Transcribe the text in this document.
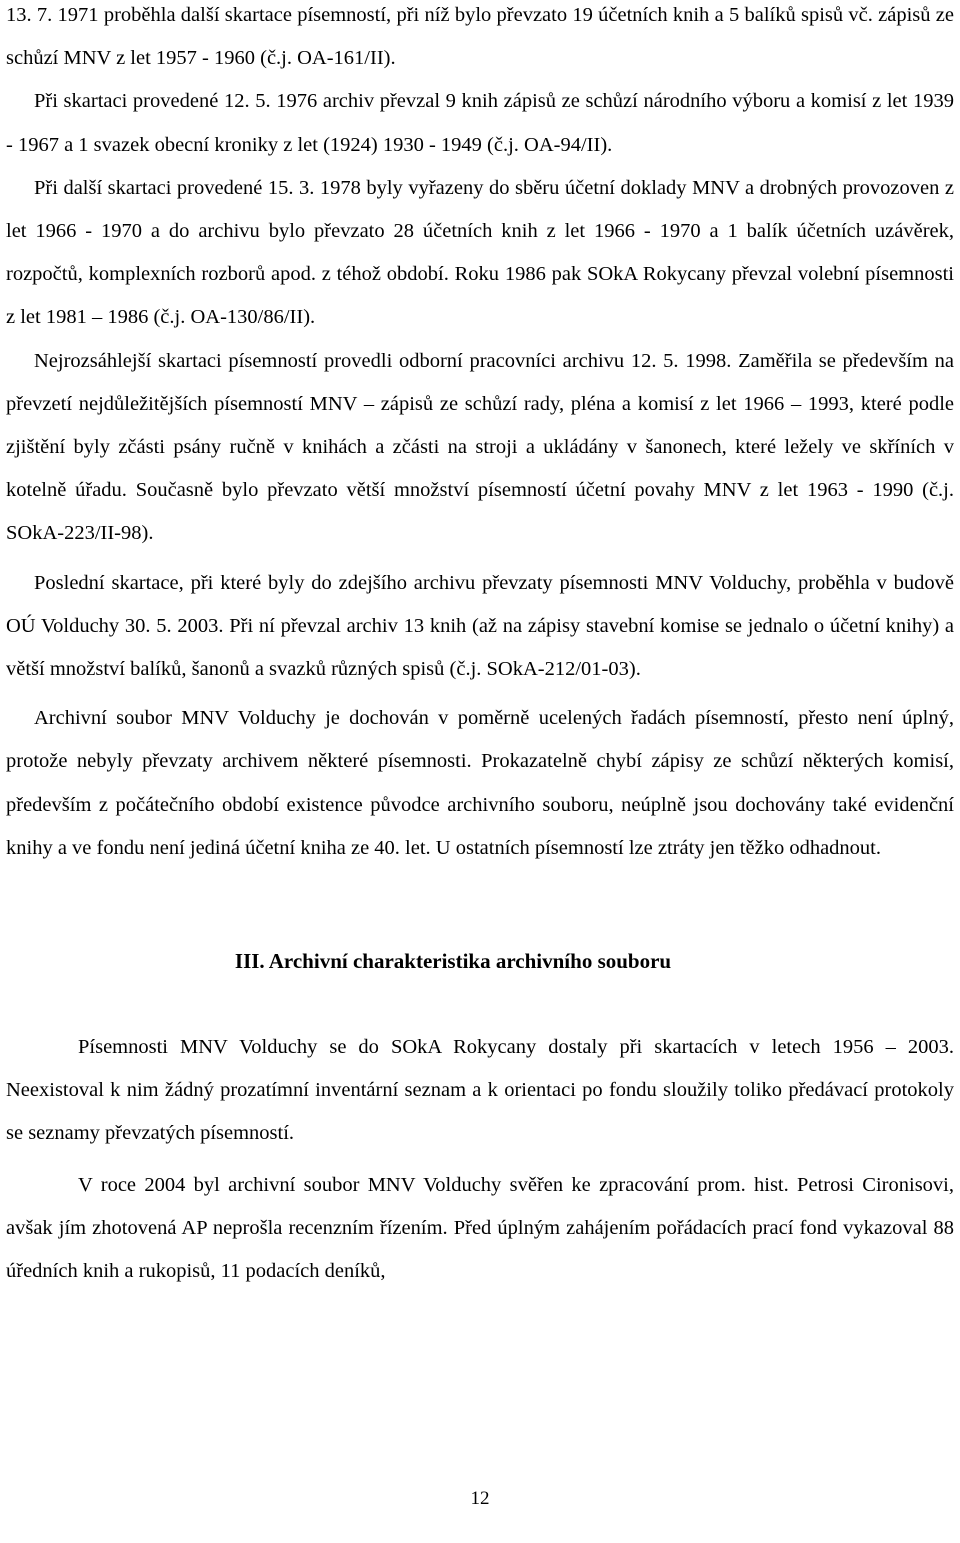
13. 7. 1971 proběhla další skartace písemností, při níž bylo převzato 19 účetních knih a 5 balíků spisů vč. zápisů ze schůzí MNV z let 1957 - 1960 (č.j. OA-161/II).

Při skartaci provedené 12. 5. 1976 archiv převzal 9 knih zápisů ze schůzí národního výboru a komisí z let 1939 - 1967 a 1 svazek obecní kroniky z let (1924) 1930 - 1949 (č.j. OA-94/II).

Při další skartaci provedené 15. 3. 1978 byly vyřazeny do sběru účetní doklady MNV a drobných provozoven z let 1966 - 1970 a do archivu bylo převzato 28 účetních knih z let 1966 - 1970 a 1 balík účetních uzávěrek, rozpočtů, komplexních rozborů apod. z téhož období. Roku 1986 pak SOkA Rokycany převzal volební písemnosti z let 1981 – 1986 (č.j. OA-130/86/II).

Nejrozsáhlejší skartaci písemností provedli odborní pracovníci archivu 12. 5. 1998. Zaměřila se především na převzetí nejdůležitějších písemností MNV – zápisů ze schůzí rady, pléna a komisí z let 1966 – 1993, které podle zjištění byly zčásti psány ručně v knihách a zčásti na stroji a ukládány v šanonech, které ležely ve skříních v kotelně úřadu. Současně bylo převzato větší množství písemností účetní povahy MNV z let 1963 - 1990 (č.j. SOkA-223/II-98).

Poslední skartace, při které byly do zdejšího archivu převzaty písemnosti MNV Volduchy, proběhla v budově OÚ Volduchy 30. 5. 2003. Při ní převzal archiv 13 knih (až na zápisy stavební komise se jednalo o účetní knihy) a větší množství balíků, šanonů a svazků různých spisů (č.j. SOkA-212/01-03).

Archivní soubor MNV Volduchy je dochován v poměrně ucelených řadách písemností, přesto není úplný, protože nebyly převzaty archivem některé písemnosti. Prokazatelně chybí zápisy ze schůzí některých komisí, především z počátečního období existence původce archivního souboru, neúplně jsou dochovány také evidenční knihy a ve fondu není jediná účetní kniha ze 40. let. U ostatních písemností lze ztráty jen těžko odhadnout.

III. Archivní charakteristika archivního souboru

Písemnosti MNV Volduchy se do SOkA Rokycany dostaly při skartacích v letech 1956 – 2003. Neexistoval k nim žádný prozatímní inventární seznam a k orientaci po fondu sloužily toliko předávací protokoly se seznamy převzatých písemností.

V roce 2004 byl archivní soubor MNV Volduchy svěřen ke zpracování prom. hist. Petrosi Cironisovi, avšak jím zhotovená AP neprošla recenzním řízením. Před úplným zahájením pořádacích prací fond vykazoval 88 úředních knih a rukopisů, 11 podacích deníků,

12
